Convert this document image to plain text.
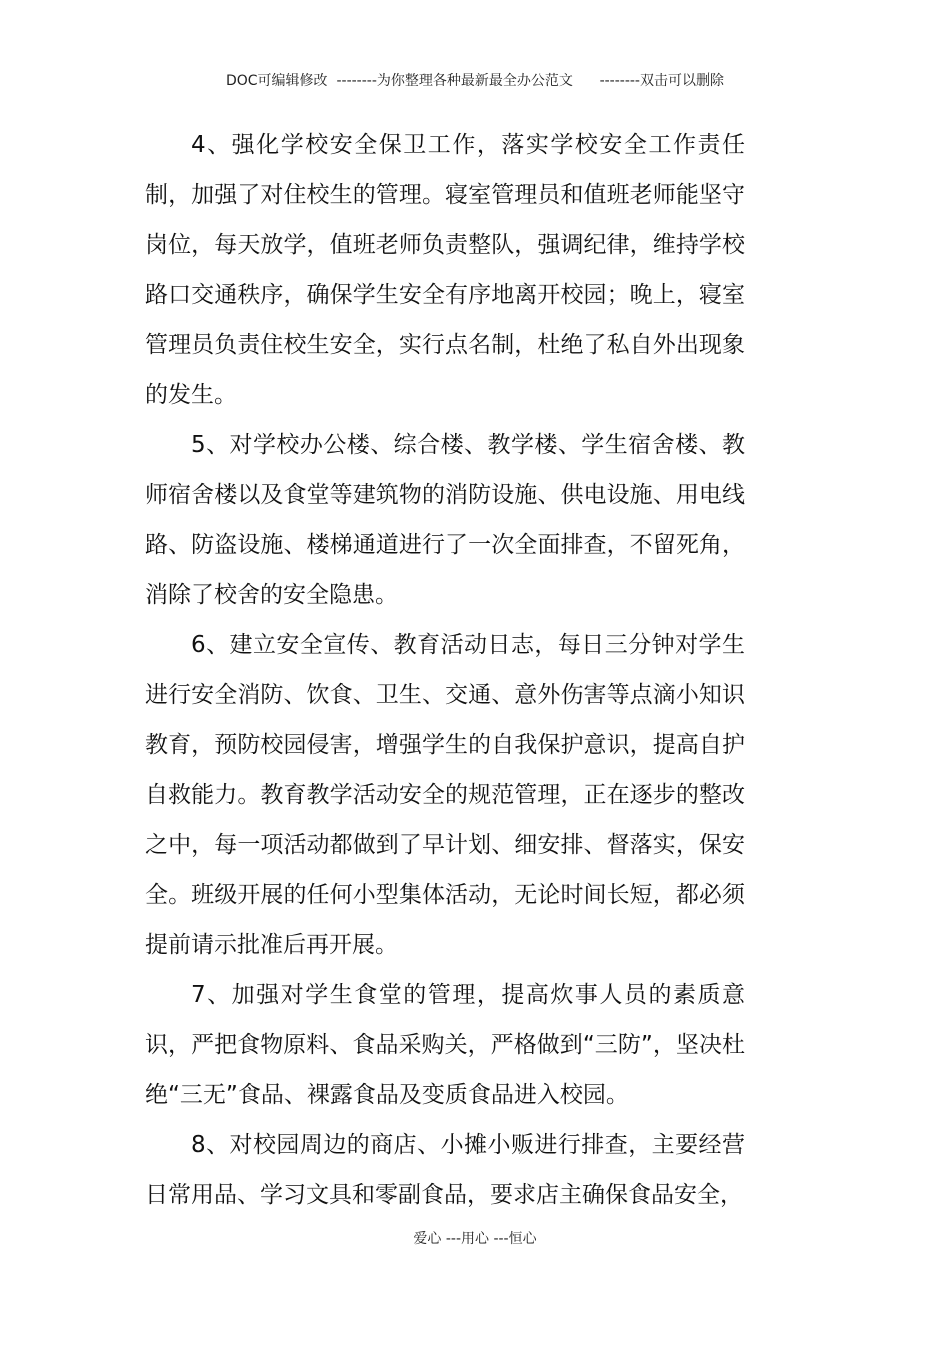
DOC可编辑修改  --------为你整理各种最新最全办公范文      --------双击可以删除

4、强化学校安全保卫工作，落实学校安全工作责任制，加强了对住校生的管理。寝室管理员和值班老师能坚守岗位，每天放学，值班老师负责整队，强调纪律，维持学校路口交通秩序，确保学生安全有序地离开校园；晚上，寝室管理员负责住校生安全，实行点名制，杜绝了私自外出现象的发生。

5、对学校办公楼、综合楼、教学楼、学生宿舍楼、教师宿舍楼以及食堂等建筑物的消防设施、供电设施、用电线路、防盗设施、楼梯通道进行了一次全面排查，不留死角，消除了校舍的安全隐患。

6、建立安全宣传、教育活动日志，每日三分钟对学生进行安全消防、饮食、卫生、交通、意外伤害等点滴小知识教育，预防校园侵害，增强学生的自我保护意识，提高自护自救能力。教育教学活动安全的规范管理，正在逐步的整改之中，每一项活动都做到了早计划、细安排、督落实，保安全。班级开展的任何小型集体活动，无论时间长短，都必须提前请示批准后再开展。

7、加强对学生食堂的管理，提高炊事人员的素质意识，严把食物原料、食品采购关，严格做到“三防”，坚决杜绝“三无”食品、裸露食品及变质食品进入校园。

8、对校园周边的商店、小摊小贩进行排查，主要经营日常用品、学习文具和零副食品，要求店主确保食品安全，

爱心 ---用心 ---恒心
